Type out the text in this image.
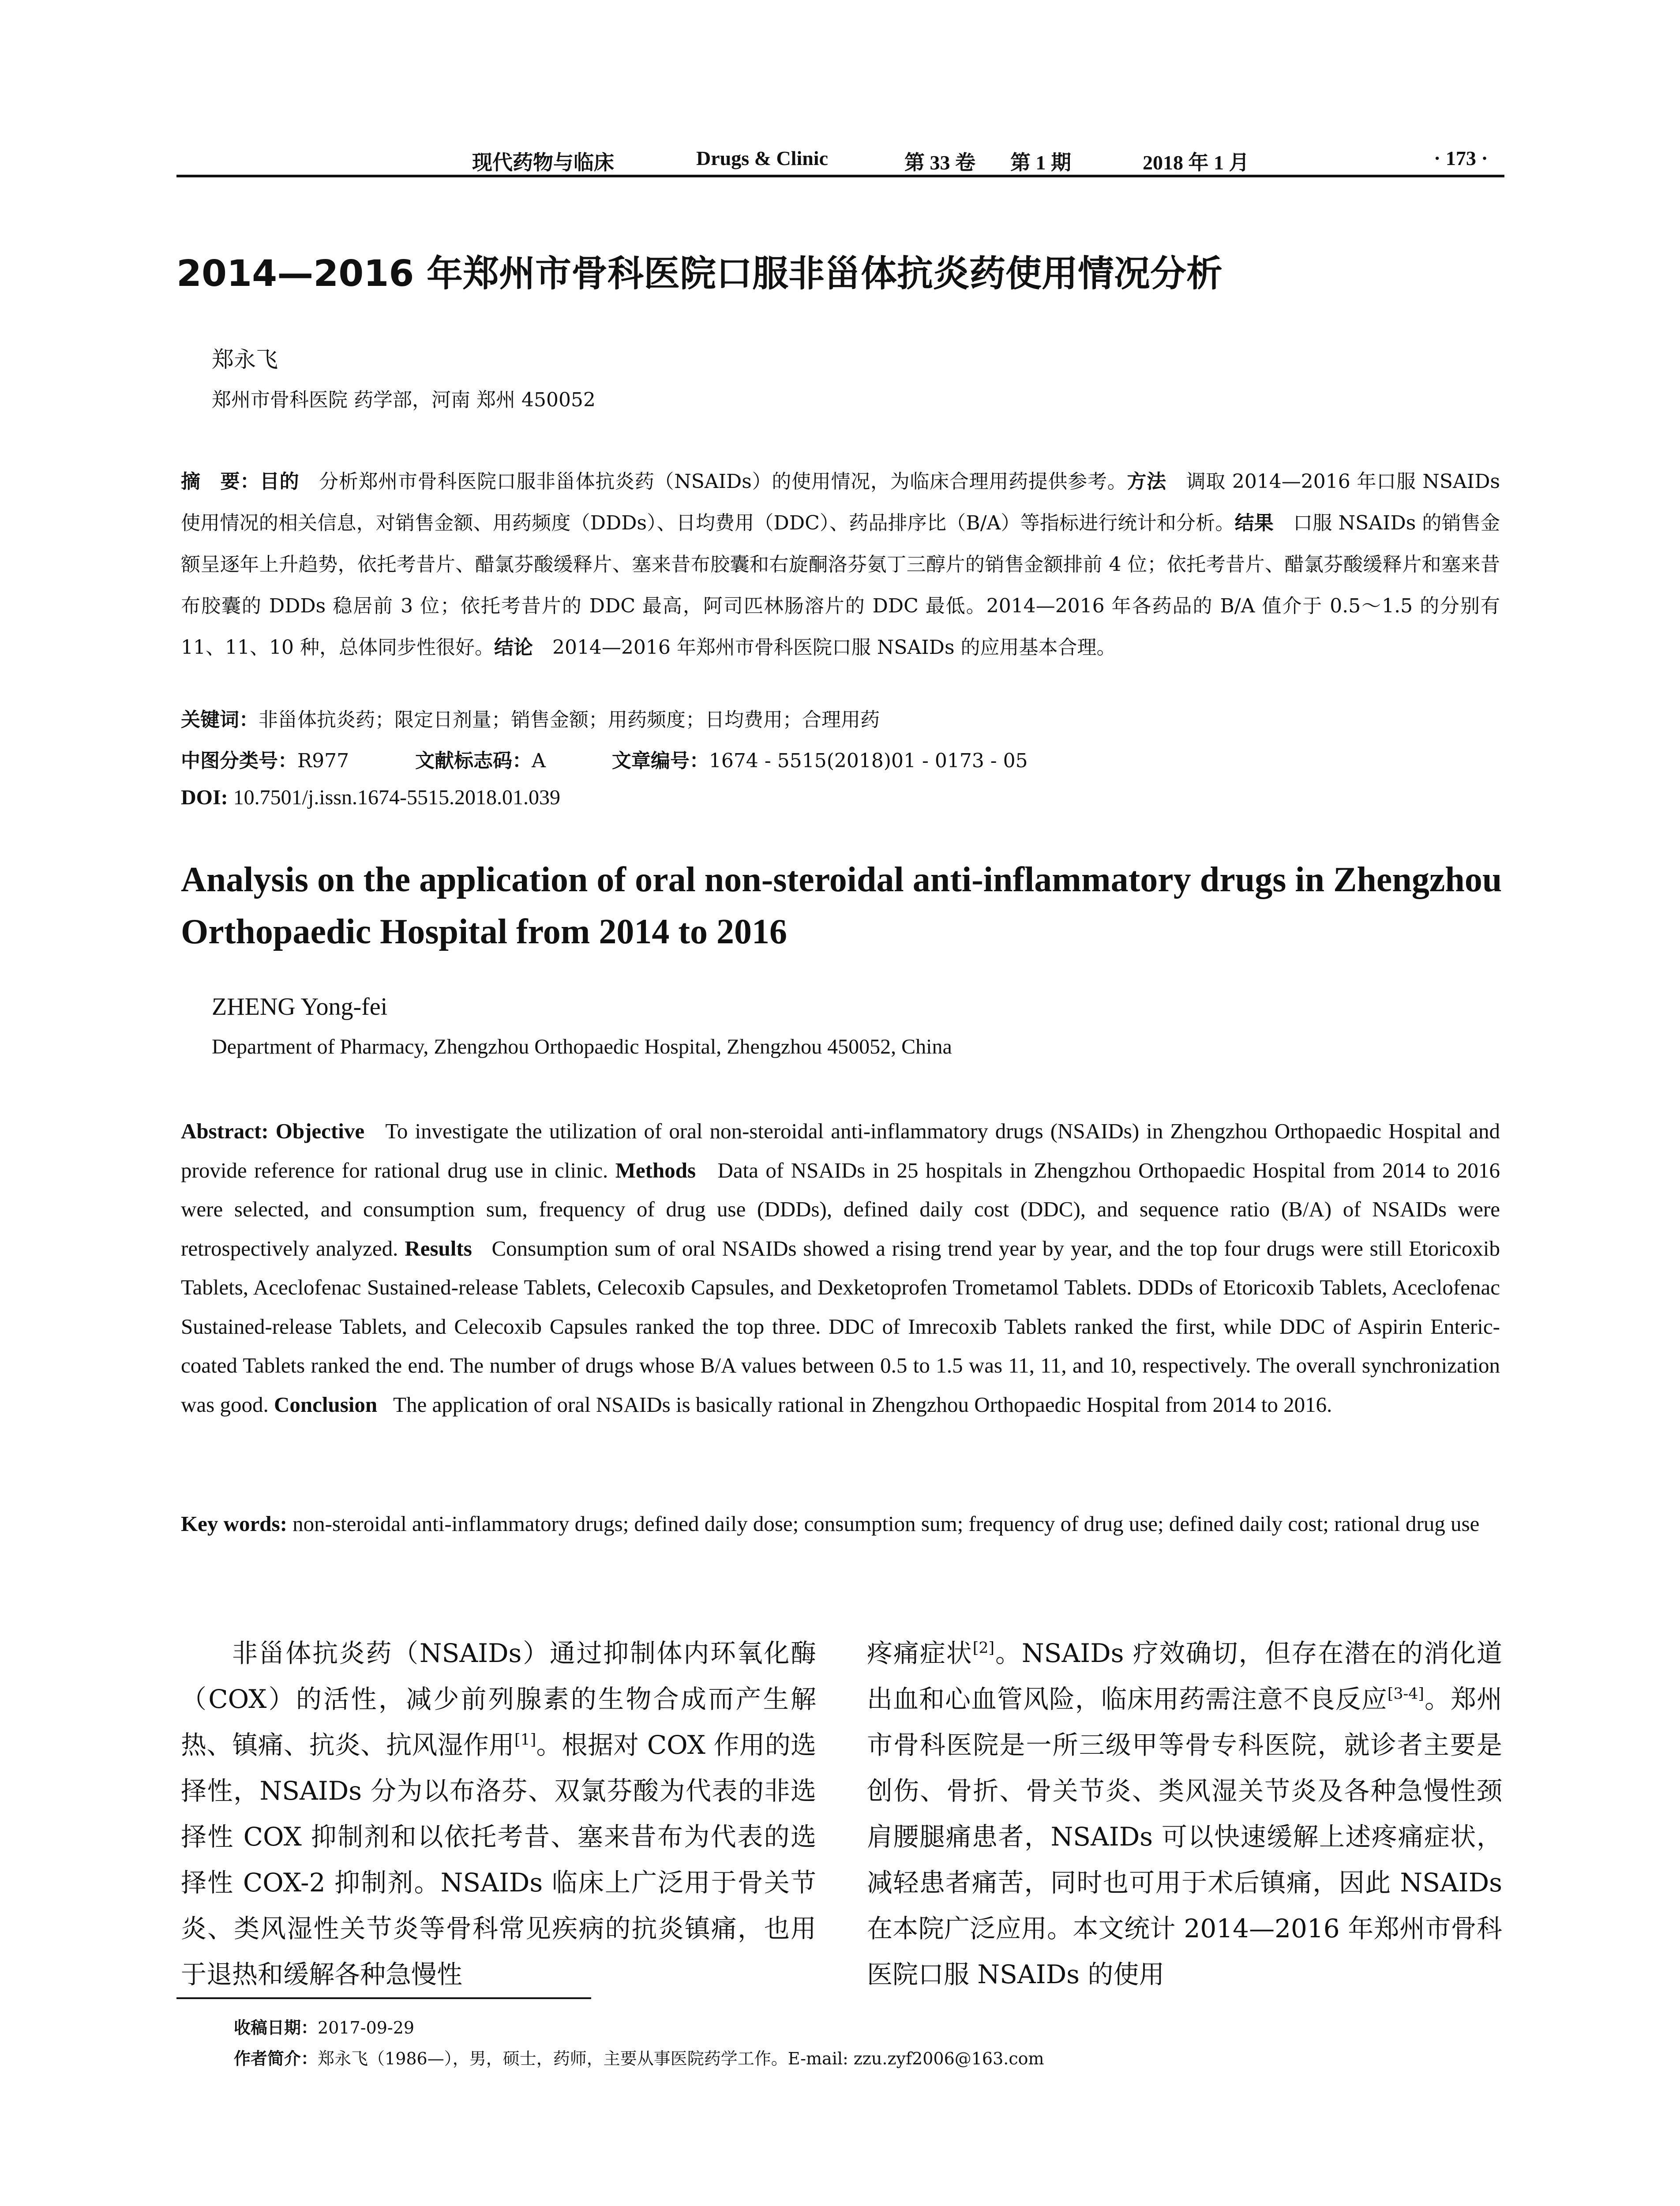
现代药物与临床	Drugs & Clinic	第 33 卷 第 1 期	2018 年 1 月	· 173 ·
2014—2016 年郑州市骨科医院口服非甾体抗炎药使用情况分析
郑永飞
郑州市骨科医院 药学部，河南 郑州 450052
摘　要：目的　 分析郑州市骨科医院口服非甾体抗炎药（NSAIDs）的使用情况，为临床合理用药提供参考。方法　 调取 2014—2016 年口服 NSAIDs 使用情况的相关信息，对销售金额、用药频度（DDDs）、日均费用（DDC）、药品排序比（B/A）等指标进行统计和分析。结果　 口服 NSAIDs 的销售金额呈逐年上升趋势，依托考昔片、醋氯芬酸缓释片、塞来昔布胶囊和右旋酮洛芬氨丁三醇片的销售金额排前 4 位；依托考昔片、醋氯芬酸缓释片和塞来昔布胶囊的 DDDs 稳居前 3 位；依托考昔片的 DDC 最高，阿司匹林肠溶片的 DDC 最低。2014—2016 年各药品的 B/A 值介于 0.5～1.5 的分别有 11、11、10 种，总体同步性很好。结论　 2014—2016 年郑州市骨科医院口服 NSAIDs 的应用基本合理。
关键词：非甾体抗炎药；限定日剂量；销售金额；用药频度；日均费用；合理用药
中图分类号：R977	文献标志码：A	文章编号：1674 - 5515(2018)01 - 0173 - 05
DOI: 10.7501/j.issn.1674-5515.2018.01.039
Analysis on the application of oral non-steroidal anti-inflammatory drugs in Zhengzhou Orthopaedic Hospital from 2014 to 2016
ZHENG Yong-fei
Department of Pharmacy, Zhengzhou Orthopaedic Hospital, Zhengzhou 450052, China
Abstract: Objective To investigate the utilization of oral non-steroidal anti-inflammatory drugs (NSAIDs) in Zhengzhou Orthopaedic Hospital and provide reference for rational drug use in clinic. Methods Data of NSAIDs in 25 hospitals in Zhengzhou Orthopaedic Hospital from 2014 to 2016 were selected, and consumption sum, frequency of drug use (DDDs), defined daily cost (DDC), and sequence ratio (B/A) of NSAIDs were retrospectively analyzed. Results Consumption sum of oral NSAIDs showed a rising trend year by year, and the top four drugs were still Etoricoxib Tablets, Aceclofenac Sustained-release Tablets, Celecoxib Capsules, and Dexketoprofen Trometamol Tablets. DDDs of Etoricoxib Tablets, Aceclofenac Sustained-release Tablets, and Celecoxib Capsules ranked the top three. DDC of Imrecoxib Tablets ranked the first, while DDC of Aspirin Enteric-coated Tablets ranked the end. The number of drugs whose B/A values between 0.5 to 1.5 was 11, 11, and 10, respectively. The overall synchronization was good. Conclusion The application of oral NSAIDs is basically rational in Zhengzhou Orthopaedic Hospital from 2014 to 2016.
Key words: non-steroidal anti-inflammatory drugs; defined daily dose; consumption sum; frequency of drug use; defined daily cost; rational drug use
非甾体抗炎药（NSAIDs）通过抑制体内环氧化酶（COX）的活性，减少前列腺素的生物合成而产生解热、镇痛、抗炎、抗风湿作用[1]。根据对 COX 作用的选择性，NSAIDs 分为以布洛芬、双氯芬酸为代表的非选择性 COX 抑制剂和以依托考昔、塞来昔布为代表的选择性 COX-2 抑制剂。NSAIDs 临床上广泛用于骨关节炎、类风湿性关节炎等骨科常见疾病的抗炎镇痛，也用于退热和缓解各种急慢性
疼痛症状[2]。NSAIDs 疗效确切，但存在潜在的消化道出血和心血管风险，临床用药需注意不良反应[3-4]。郑州市骨科医院是一所三级甲等骨专科医院，就诊者主要是创伤、骨折、骨关节炎、类风湿关节炎及各种急慢性颈肩腰腿痛患者，NSAIDs 可以快速缓解上述疼痛症状，减轻患者痛苦，同时也可用于术后镇痛，因此 NSAIDs 在本院广泛应用。本文统计 2014—2016 年郑州市骨科医院口服 NSAIDs 的使用
收稿日期：2017-09-29
作者简介：郑永飞（1986—），男，硕士，药师，主要从事医院药学工作。E-mail: zzu.zyf2006@163.com
